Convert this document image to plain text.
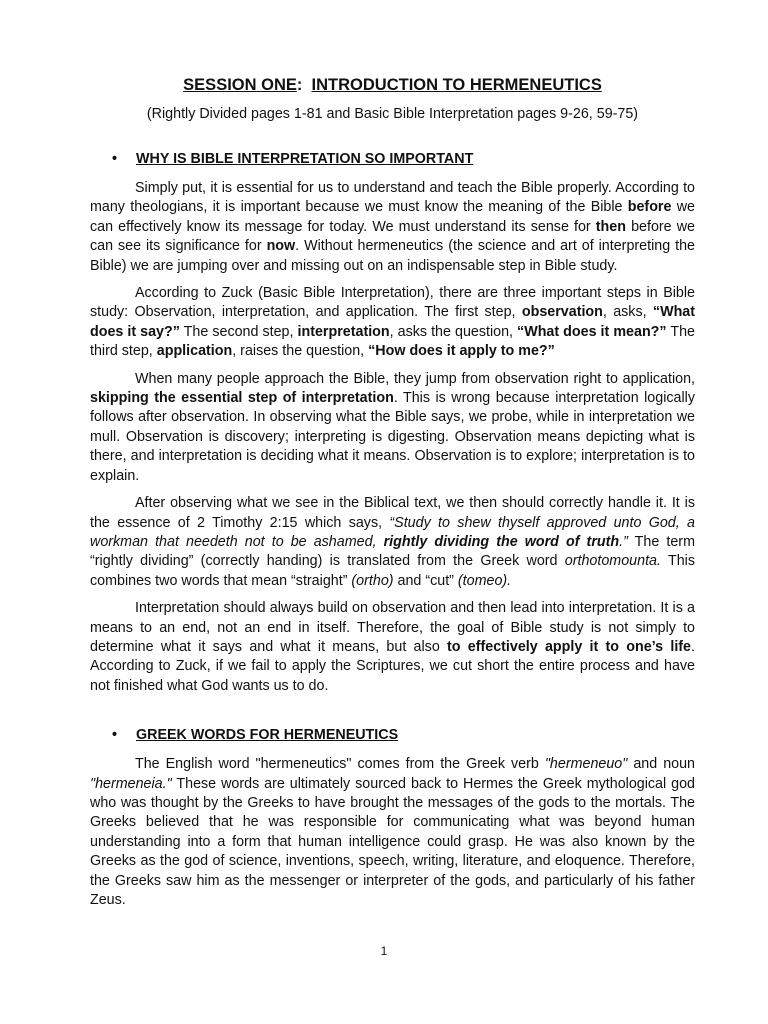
SESSION ONE: INTRODUCTION TO HERMENEUTICS
(Rightly Divided pages 1-81 and Basic Bible Interpretation pages 9-26, 59-75)
• WHY IS BIBLE INTERPRETATION SO IMPORTANT

Simply put, it is essential for us to understand and teach the Bible properly. According to many theologians, it is important because we must know the meaning of the Bible before we can effectively know its message for today. We must understand its sense for then before we can see its significance for now. Without hermeneutics (the science and art of interpreting the Bible) we are jumping over and missing out on an indispensable step in Bible study.

According to Zuck (Basic Bible Interpretation), there are three important steps in Bible study: Observation, interpretation, and application. The first step, observation, asks, “What does it say?” The second step, interpretation, asks the question, “What does it mean?” The third step, application, raises the question, “How does it apply to me?”

When many people approach the Bible, they jump from observation right to application, skipping the essential step of interpretation. This is wrong because interpretation logically follows after observation. In observing what the Bible says, we probe, while in interpretation we mull. Observation is discovery; interpreting is digesting. Observation means depicting what is there, and interpretation is deciding what it means. Observation is to explore; interpretation is to explain.

After observing what we see in the Biblical text, we then should correctly handle it. It is the essence of 2 Timothy 2:15 which says, “Study to shew thyself approved unto God, a workman that needeth not to be ashamed, rightly dividing the word of truth.” The term “rightly dividing” (correctly handing) is translated from the Greek word orthotomounta. This combines two words that mean “straight” (ortho) and “cut” (tomeo).

Interpretation should always build on observation and then lead into interpretation. It is a means to an end, not an end in itself. Therefore, the goal of Bible study is not simply to determine what it says and what it means, but also to effectively apply it to one’s life. According to Zuck, if we fail to apply the Scriptures, we cut short the entire process and have not finished what God wants us to do.

• GREEK WORDS FOR HERMENEUTICS

The English word "hermeneutics" comes from the Greek verb "hermeneuo" and noun "hermeneia." These words are ultimately sourced back to Hermes the Greek mythological god who was thought by the Greeks to have brought the messages of the gods to the mortals. The Greeks believed that he was responsible for communicating what was beyond human understanding into a form that human intelligence could grasp. He was also known by the Greeks as the god of science, inventions, speech, writing, literature, and eloquence. Therefore, the Greeks saw him as the messenger or interpreter of the gods, and particularly of his father Zeus.

1
